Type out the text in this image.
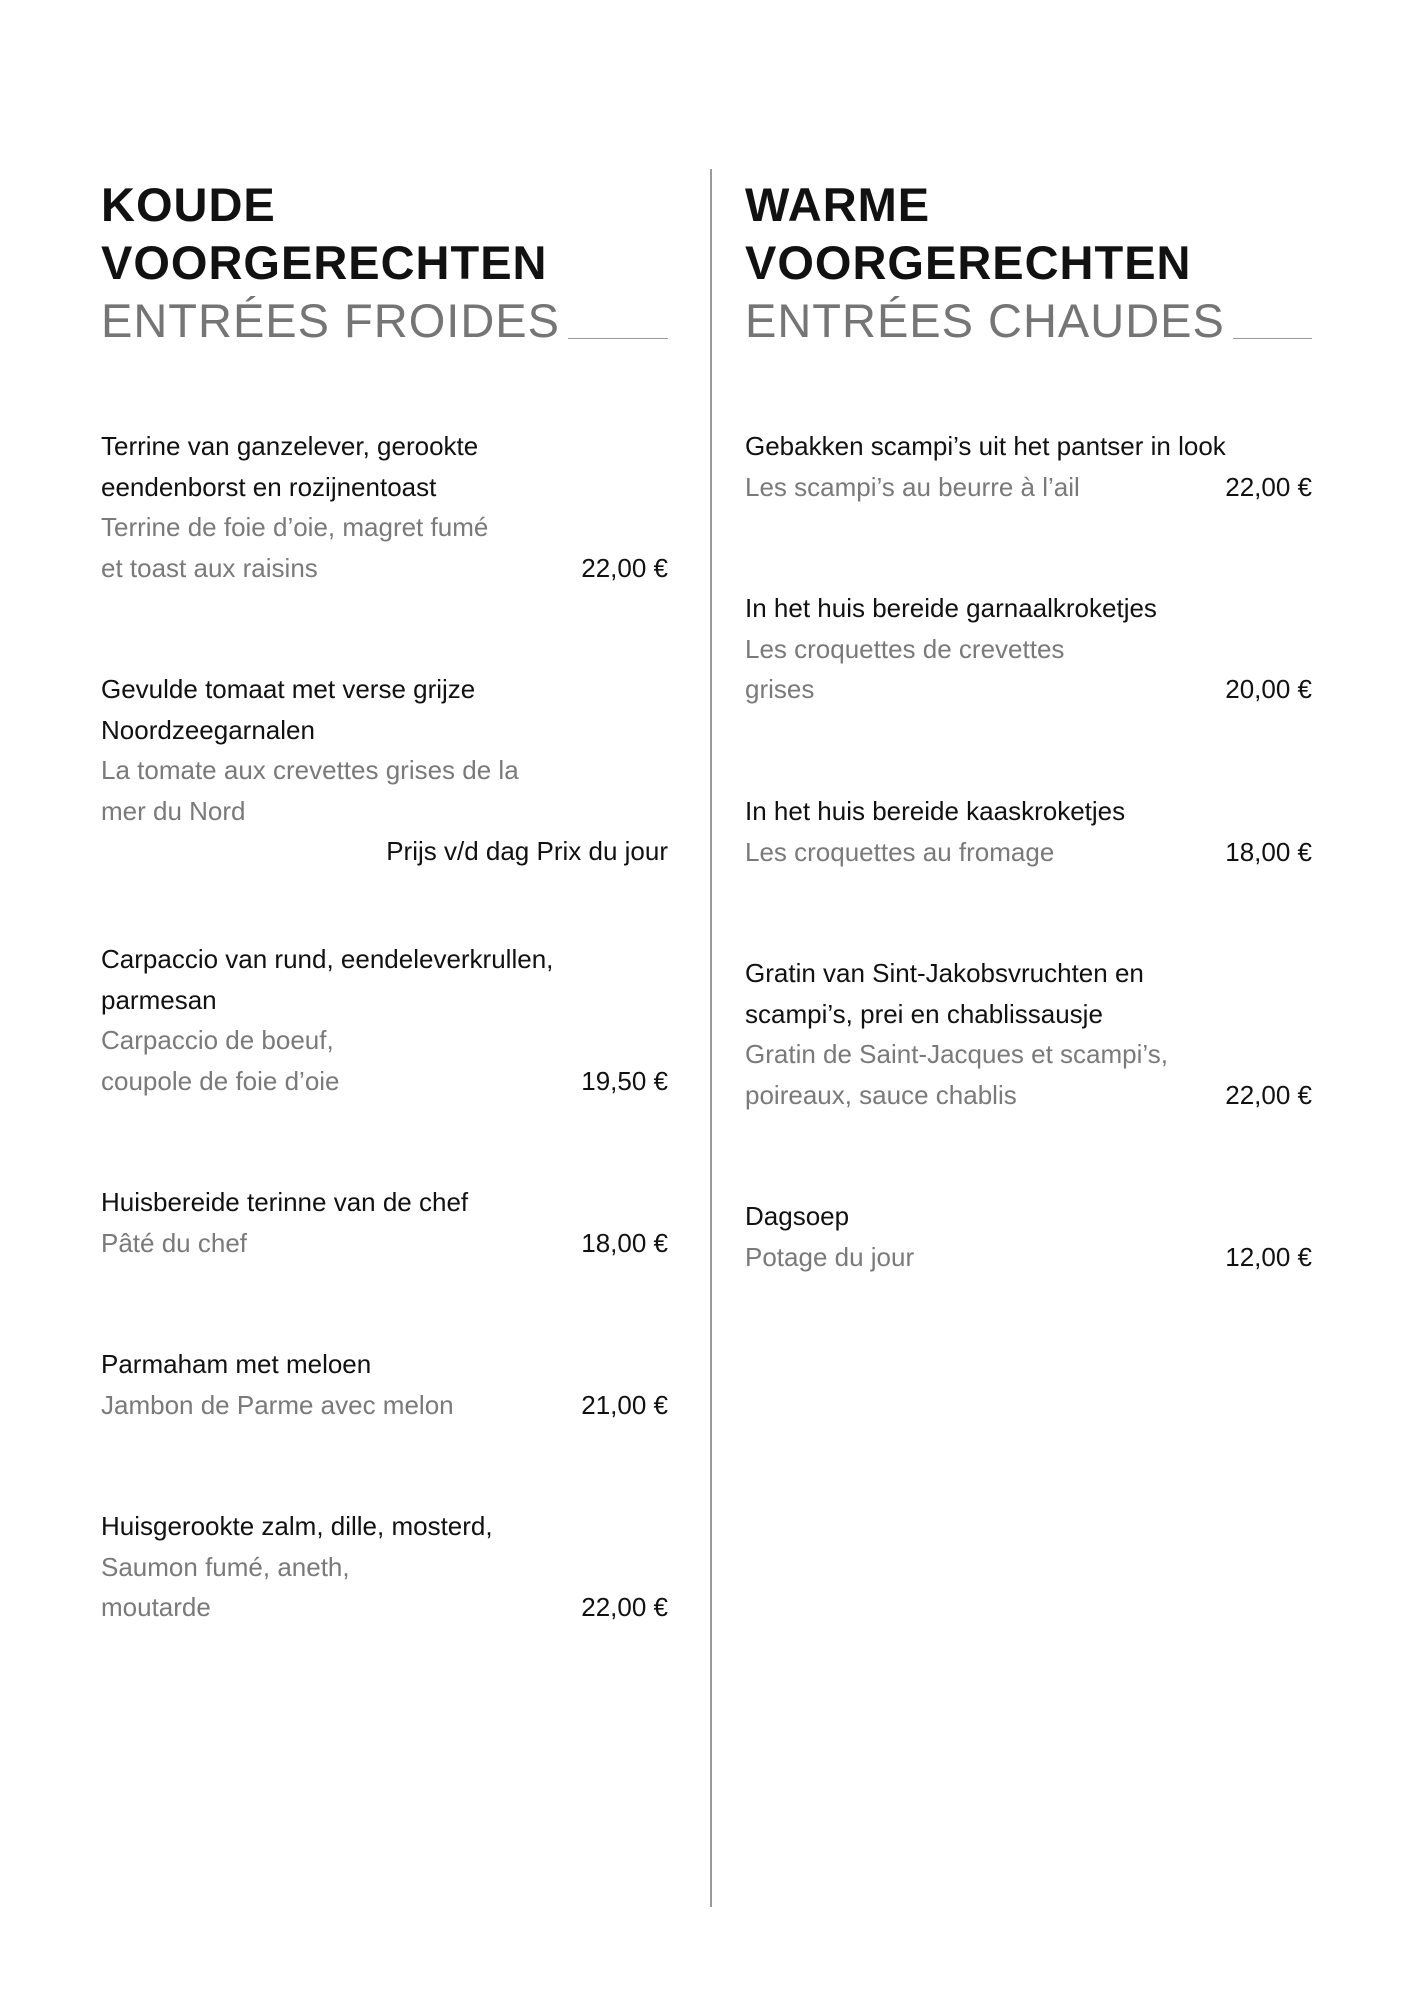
KOUDE
VOORGERECHTEN
ENTRÉES FROIDES
Terrine van ganzelever, gerookte
eendenborst en rozijnentoast
Terrine de foie d’oie, magret fumé
et toast aux raisins	22,00 €
Gevulde tomaat met verse grijze
Noordzeegarnalen
La tomate aux crevettes grises de la
mer du Nord
Prijs v/d dag Prix du jour
Carpaccio van rund, eendeleverkrullen,
parmesan
Carpaccio de boeuf,
coupole de foie d’oie	19,50 €
Huisbereide terinne van de chef
Pâté du chef	18,00 €
Parmaham met meloen
Jambon de Parme avec melon	21,00 €
Huisgerookte zalm, dille, mosterd,
Saumon fumé, aneth,
moutarde	22,00 €
WARME
VOORGERECHTEN
ENTRÉES CHAUDES
Gebakken scampi’s uit het pantser in look
Les scampi’s au beurre à l’ail	22,00 €
In het huis bereide garnaalkroketjes
Les croquettes de crevettes
grises	20,00 €
In het huis bereide kaaskroketjes
Les croquettes au fromage	18,00 €
Gratin van Sint-Jakobsvruchten en
scampi’s, prei en chablissausje
Gratin de Saint-Jacques et scampi’s,
poireaux, sauce chablis	22,00 €
Dagsoep
Potage du jour	12,00 €
